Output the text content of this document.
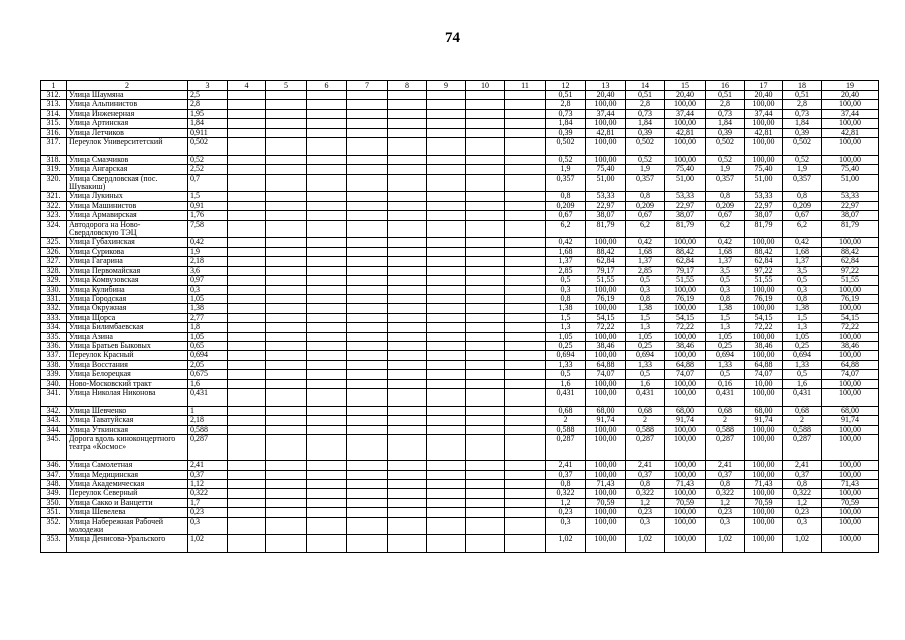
74
1	2	3	4	5	6	7	8	9	10	11	12	13	14	15	16	17	18	19
312.	Улица Шаумяна	2,5									0,51	20,40	0,51	20,40	0,51	20,40	0,51	20,40
313.	Улица Альпинистов	2,8									2,8	100,00	2,8	100,00	2,8	100,00	2,8	100,00
314.	Улица Инженерная	1,95									0,73	37,44	0,73	37,44	0,73	37,44	0,73	37,44
315.	Улица Артинская	1,84									1,84	100,00	1,84	100,00	1,84	100,00	1,84	100,00
316.	Улица Летчиков	0,911									0,39	42,81	0,39	42,81	0,39	42,81	0,39	42,81
317.	Переулок Университетский	0,502									0,502	100,00	0,502	100,00	0,502	100,00	0,502	100,00
318.	Улица Смазчиков	0,52									0,52	100,00	0,52	100,00	0,52	100,00	0,52	100,00
319.	Улица Ангарская	2,52									1,9	75,40	1,9	75,40	1,9	75,40	1,9	75,40
320.	Улица Свердловская (пос. Шувакиш)	0,7									0,357	51,00	0,357	51,00	0,357	51,00	0,357	51,00
321.	Улица Лукиных	1,5									0,8	53,33	0,8	53,33	0,8	53,33	0,8	53,33
322.	Улица Машинистов	0,91									0,209	22,97	0,209	22,97	0,209	22,97	0,209	22,97
323.	Улица Армавирская	1,76									0,67	38,07	0,67	38,07	0,67	38,07	0,67	38,07
324.	Автодорога на Ново-Свердловскую ТЭЦ	7,58									6,2	81,79	6,2	81,79	6,2	81,79	6,2	81,79
325.	Улица Губахинская	0,42									0,42	100,00	0,42	100,00	0,42	100,00	0,42	100,00
326.	Улица Суриковa	1,9									1,68	88,42	1,68	88,42	1,68	88,42	1,68	88,42
327.	Улица Гагарина	2,18									1,37	62,84	1,37	62,84	1,37	62,84	1,37	62,84
328.	Улица Первомайская	3,6									2,85	79,17	2,85	79,17	3,5	97,22	3,5	97,22
329.	Улица Комвузовская	0,97									0,5	51,55	0,5	51,55	0,5	51,55	0,5	51,55
330.	Улица Кулибина	0,3									0,3	100,00	0,3	100,00	0,3	100,00	0,3	100,00
331.	Улица Городская	1,05									0,8	76,19	0,8	76,19	0,8	76,19	0,8	76,19
332.	Улица Окружная	1,38									1,38	100,00	1,38	100,00	1,38	100,00	1,38	100,00
333.	Улица Щорса	2,77									1,5	54,15	1,5	54,15	1,5	54,15	1,5	54,15
334.	Улица Билимбаевская	1,8									1,3	72,22	1,3	72,22	1,3	72,22	1,3	72,22
335.	Улица Азина	1,05									1,05	100,00	1,05	100,00	1,05	100,00	1,05	100,00
336.	Улица Братьев Быковых	0,65									0,25	38,46	0,25	38,46	0,25	38,46	0,25	38,46
337.	Переулок Красный	0,694									0,694	100,00	0,694	100,00	0,694	100,00	0,694	100,00
338.	Улица Восстания	2,05									1,33	64,88	1,33	64,88	1,33	64,88	1,33	64,88
339.	Улица Белорецкая	0,675									0,5	74,07	0,5	74,07	0,5	74,07	0,5	74,07
340.	Ново-Московский тракт	1,6									1,6	100,00	1,6	100,00	0,16	10,00	1,6	100,00
341.	Улица Николая Никонова	0,431									0,431	100,00	0,431	100,00	0,431	100,00	0,431	100,00
342.	Улица Шевченко	1									0,68	68,00	0,68	68,00	0,68	68,00	0,68	68,00
343.	Улица Таватуйская	2,18									2	91,74	2	91,74	2	91,74	2	91,74
344.	Улица Уткинская	0,588									0,588	100,00	0,588	100,00	0,588	100,00	0,588	100,00
345.	Дорога вдоль киноконцертного театра «Космос»	0,287									0,287	100,00	0,287	100,00	0,287	100,00	0,287	100,00
346.	Улица Самолетная	2,41									2,41	100,00	2,41	100,00	2,41	100,00	2,41	100,00
347.	Улица Медицинская	0,37									0,37	100,00	0,37	100,00	0,37	100,00	0,37	100,00
348.	Улица Академическая	1,12									0,8	71,43	0,8	71,43	0,8	71,43	0,8	71,43
349.	Переулок Северный	0,322									0,322	100,00	0,322	100,00	0,322	100,00	0,322	100,00
350.	Улица Сакко и Ванцетти	1,7									1,2	70,59	1,2	70,59	1,2	70,59	1,2	70,59
351.	Улица Шевелева	0,23									0,23	100,00	0,23	100,00	0,23	100,00	0,23	100,00
352.	Улица Набережная Рабочей молодежи	0,3									0,3	100,00	0,3	100,00	0,3	100,00	0,3	100,00
353.	Улица Денисова-Уральского	1,02									1,02	100,00	1,02	100,00	1,02	100,00	1,02	100,00
